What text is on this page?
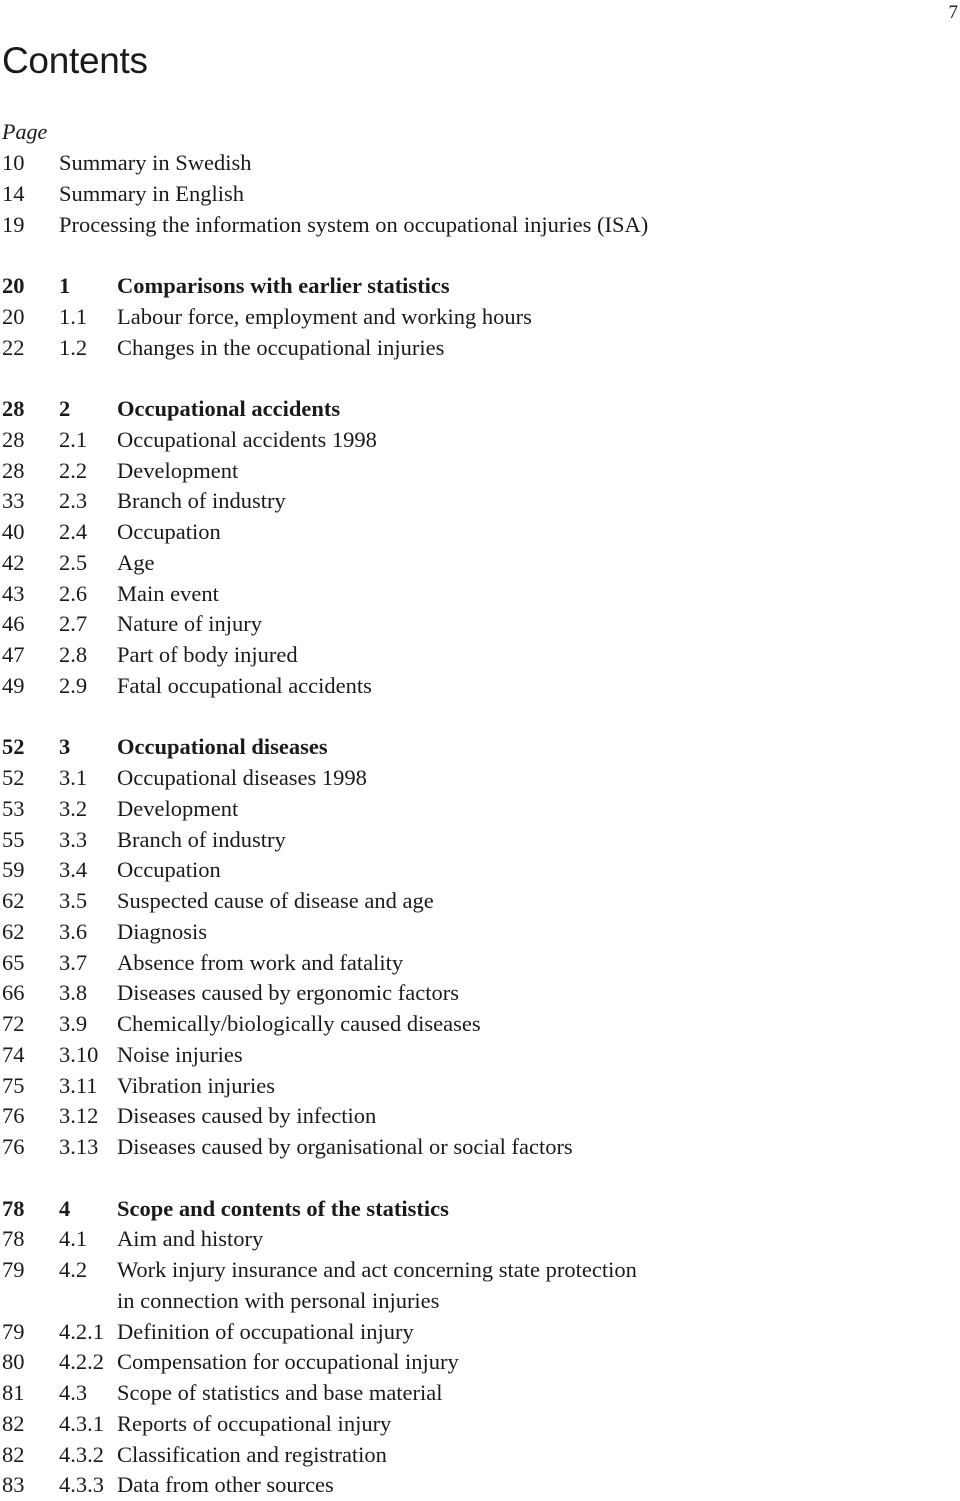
7
Contents
Page
10 Summary in Swedish
14 Summary in English
19 Processing the information system on occupational injuries (ISA)
20 1 Comparisons with earlier statistics
20 1.1 Labour force, employment and working hours
22 1.2 Changes in the occupational injuries
28 2 Occupational accidents
28 2.1 Occupational accidents 1998
28 2.2 Development
33 2.3 Branch of industry
40 2.4 Occupation
42 2.5 Age
43 2.6 Main event
46 2.7 Nature of injury
47 2.8 Part of body injured
49 2.9 Fatal occupational accidents
52 3 Occupational diseases
52 3.1 Occupational diseases 1998
53 3.2 Development
55 3.3 Branch of industry
59 3.4 Occupation
62 3.5 Suspected cause of disease and age
62 3.6 Diagnosis
65 3.7 Absence from work and fatality
66 3.8 Diseases caused by ergonomic factors
72 3.9 Chemically/biologically caused diseases
74 3.10 Noise injuries
75 3.11 Vibration injuries
76 3.12 Diseases caused by infection
76 3.13 Diseases caused by organisational or social factors
78 4 Scope and contents of the statistics
78 4.1 Aim and history
79 4.2 Work injury insurance and act concerning state protection
in connection with personal injuries
79 4.2.1 Definition of occupational injury
80 4.2.2 Compensation for occupational injury
81 4.3 Scope of statistics and base material
82 4.3.1 Reports of occupational injury
82 4.3.2 Classification and registration
83 4.3.3 Data from other sources
